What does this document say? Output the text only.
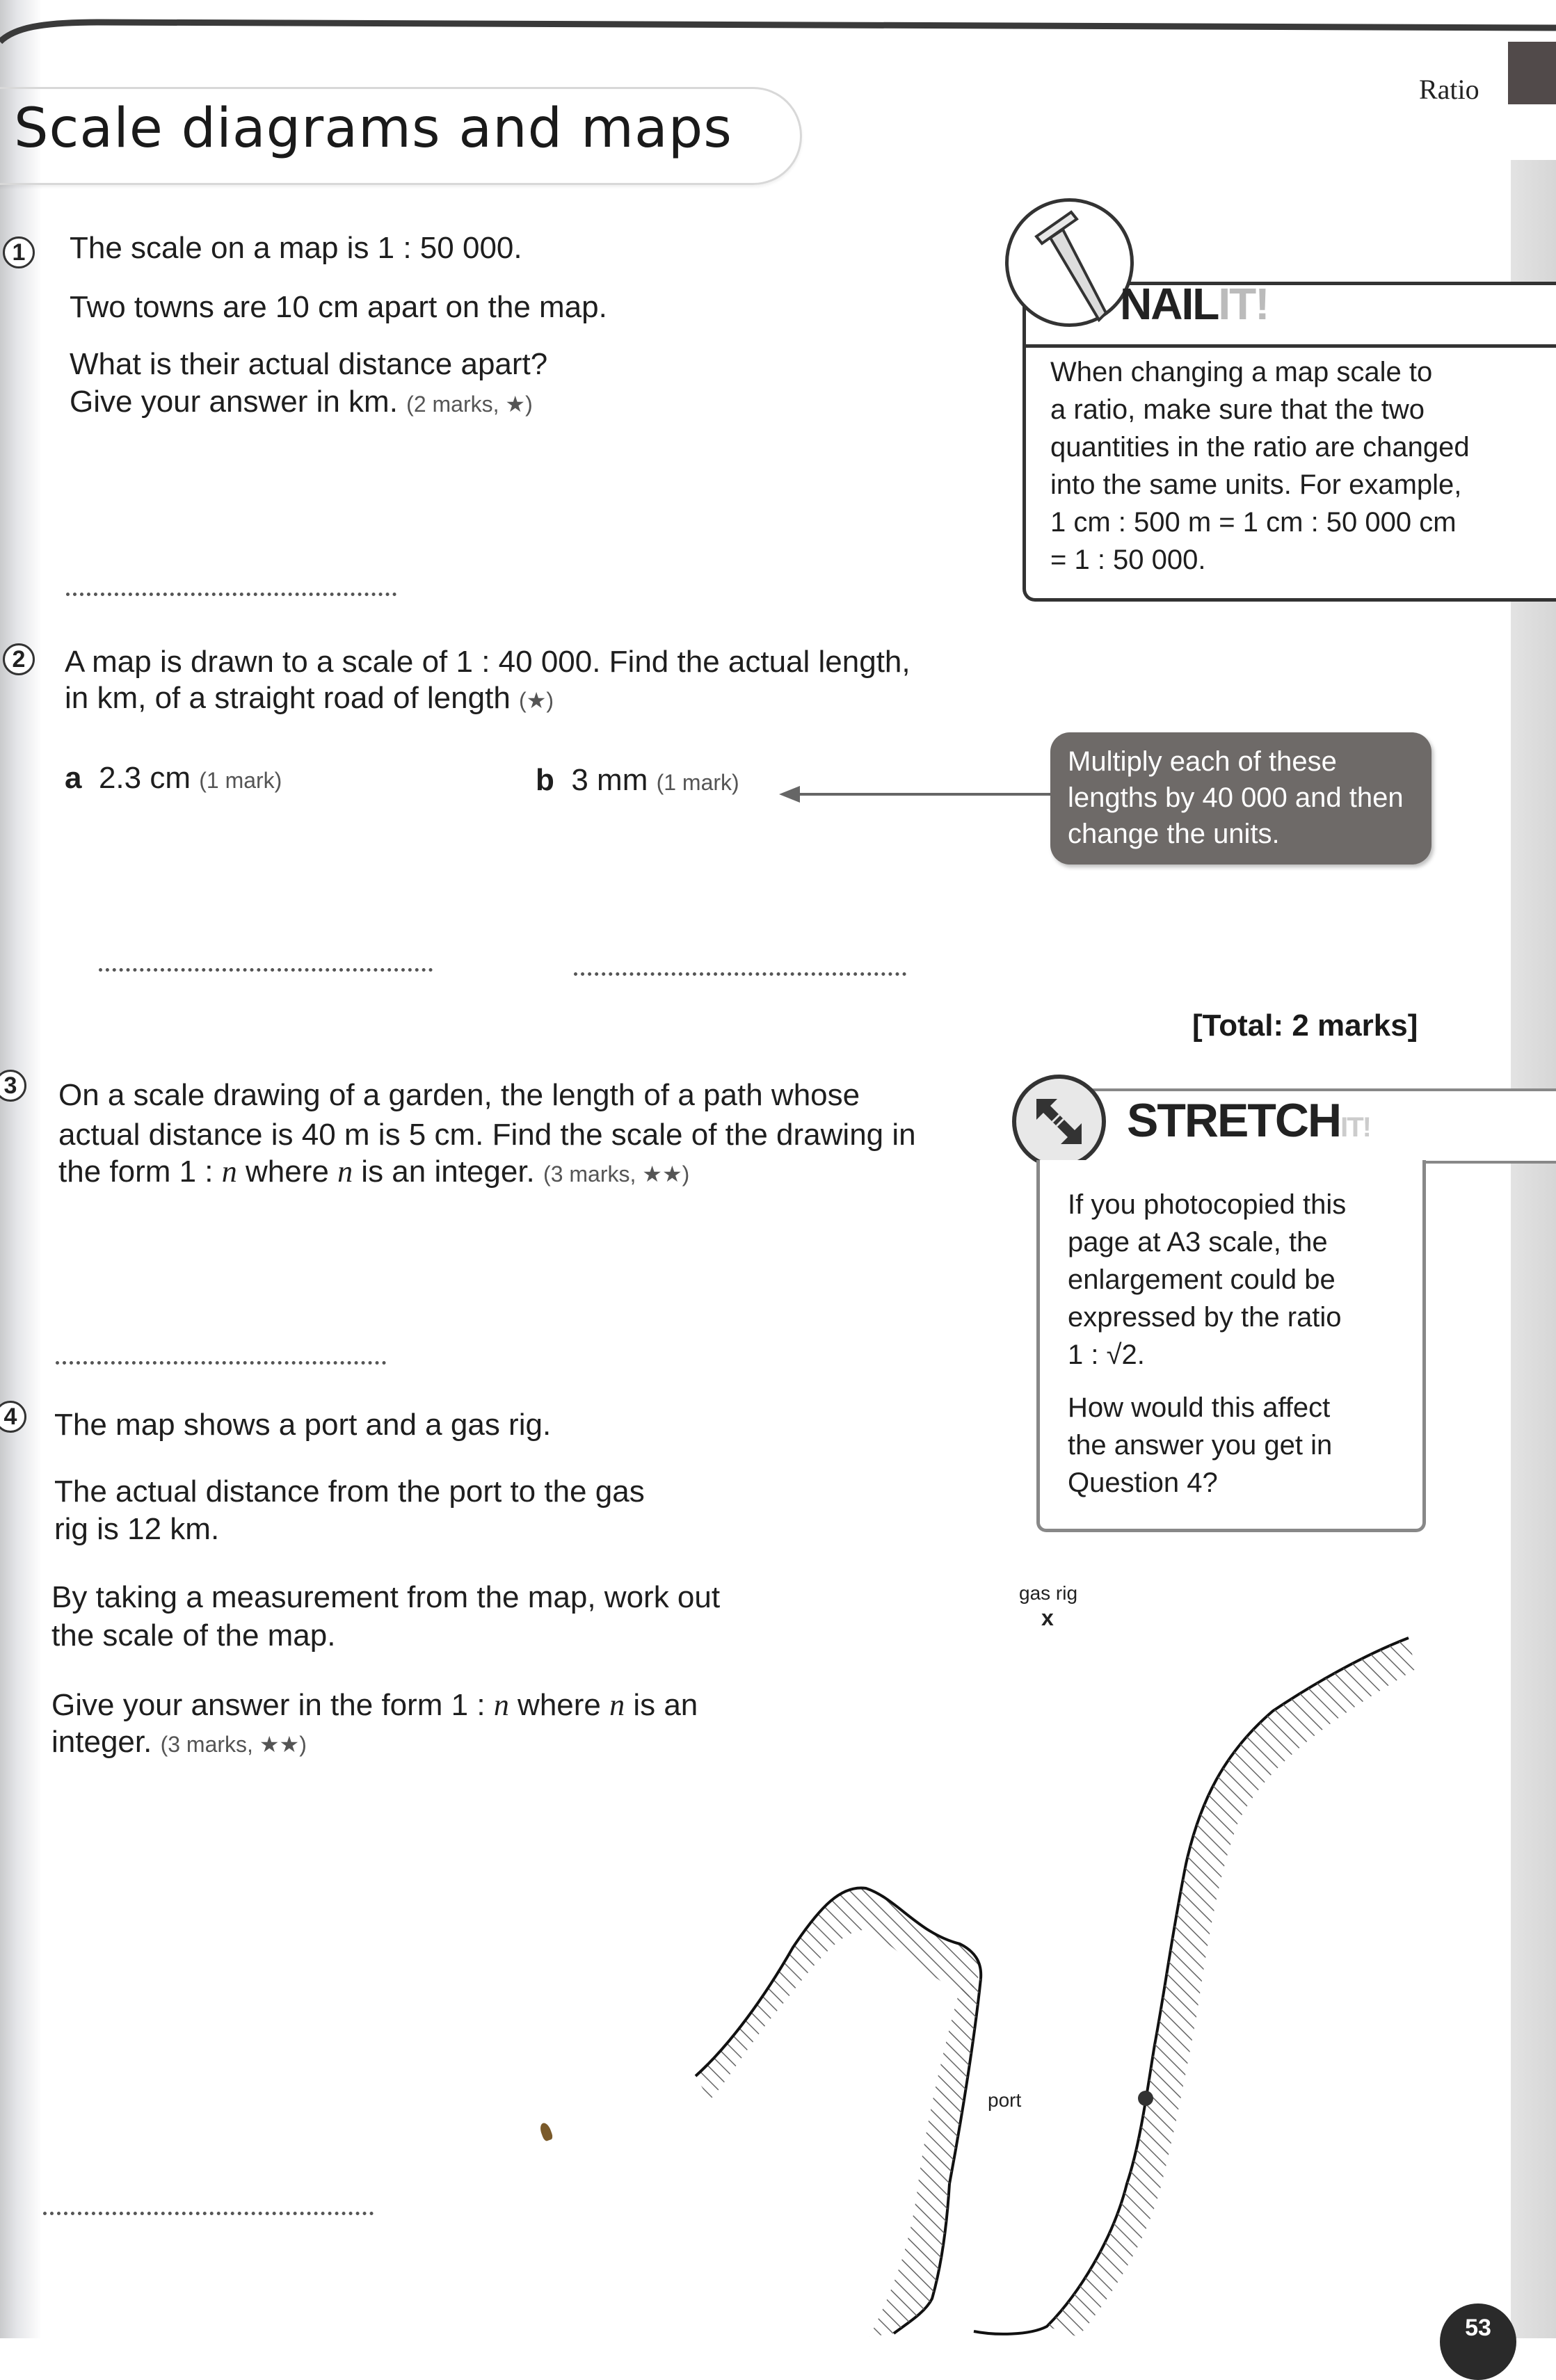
Ratio
Scale diagrams and maps
1	The scale on a map is 1 : 50 000.
Two towns are 10 cm apart on the map.
What is their actual distance apart?
Give your answer in km. (2 marks, ★)
NAILIT!
When changing a map scale to
a ratio, make sure that the two
quantities in the ratio are changed
into the same units. For example,
1 cm : 500 m = 1 cm : 50 000 cm
= 1 : 50 000.
2	A map is drawn to a scale of 1 : 40 000. Find the actual length,
in km, of a straight road of length (★)
a 2.3 cm (1 mark)	b 3 mm (1 mark)
Multiply each of these
lengths by 40 000 and then
change the units.
[Total: 2 marks]
3	On a scale drawing of a garden, the length of a path whose
actual distance is 40 m is 5 cm. Find the scale of the drawing in
the form 1 : n where n is an integer. (3 marks, ★★)
STRETCHIT!
If you photocopied this
page at A3 scale, the
enlargement could be
expressed by the ratio
1 : √2.
How would this affect
the answer you get in
Question 4?
4	The map shows a port and a gas rig.
The actual distance from the port to the gas
rig is 12 km.
By taking a measurement from the map, work out
the scale of the map.
Give your answer in the form 1 : n where n is an
integer. (3 marks, ★★)
gas rig
x
port
53
